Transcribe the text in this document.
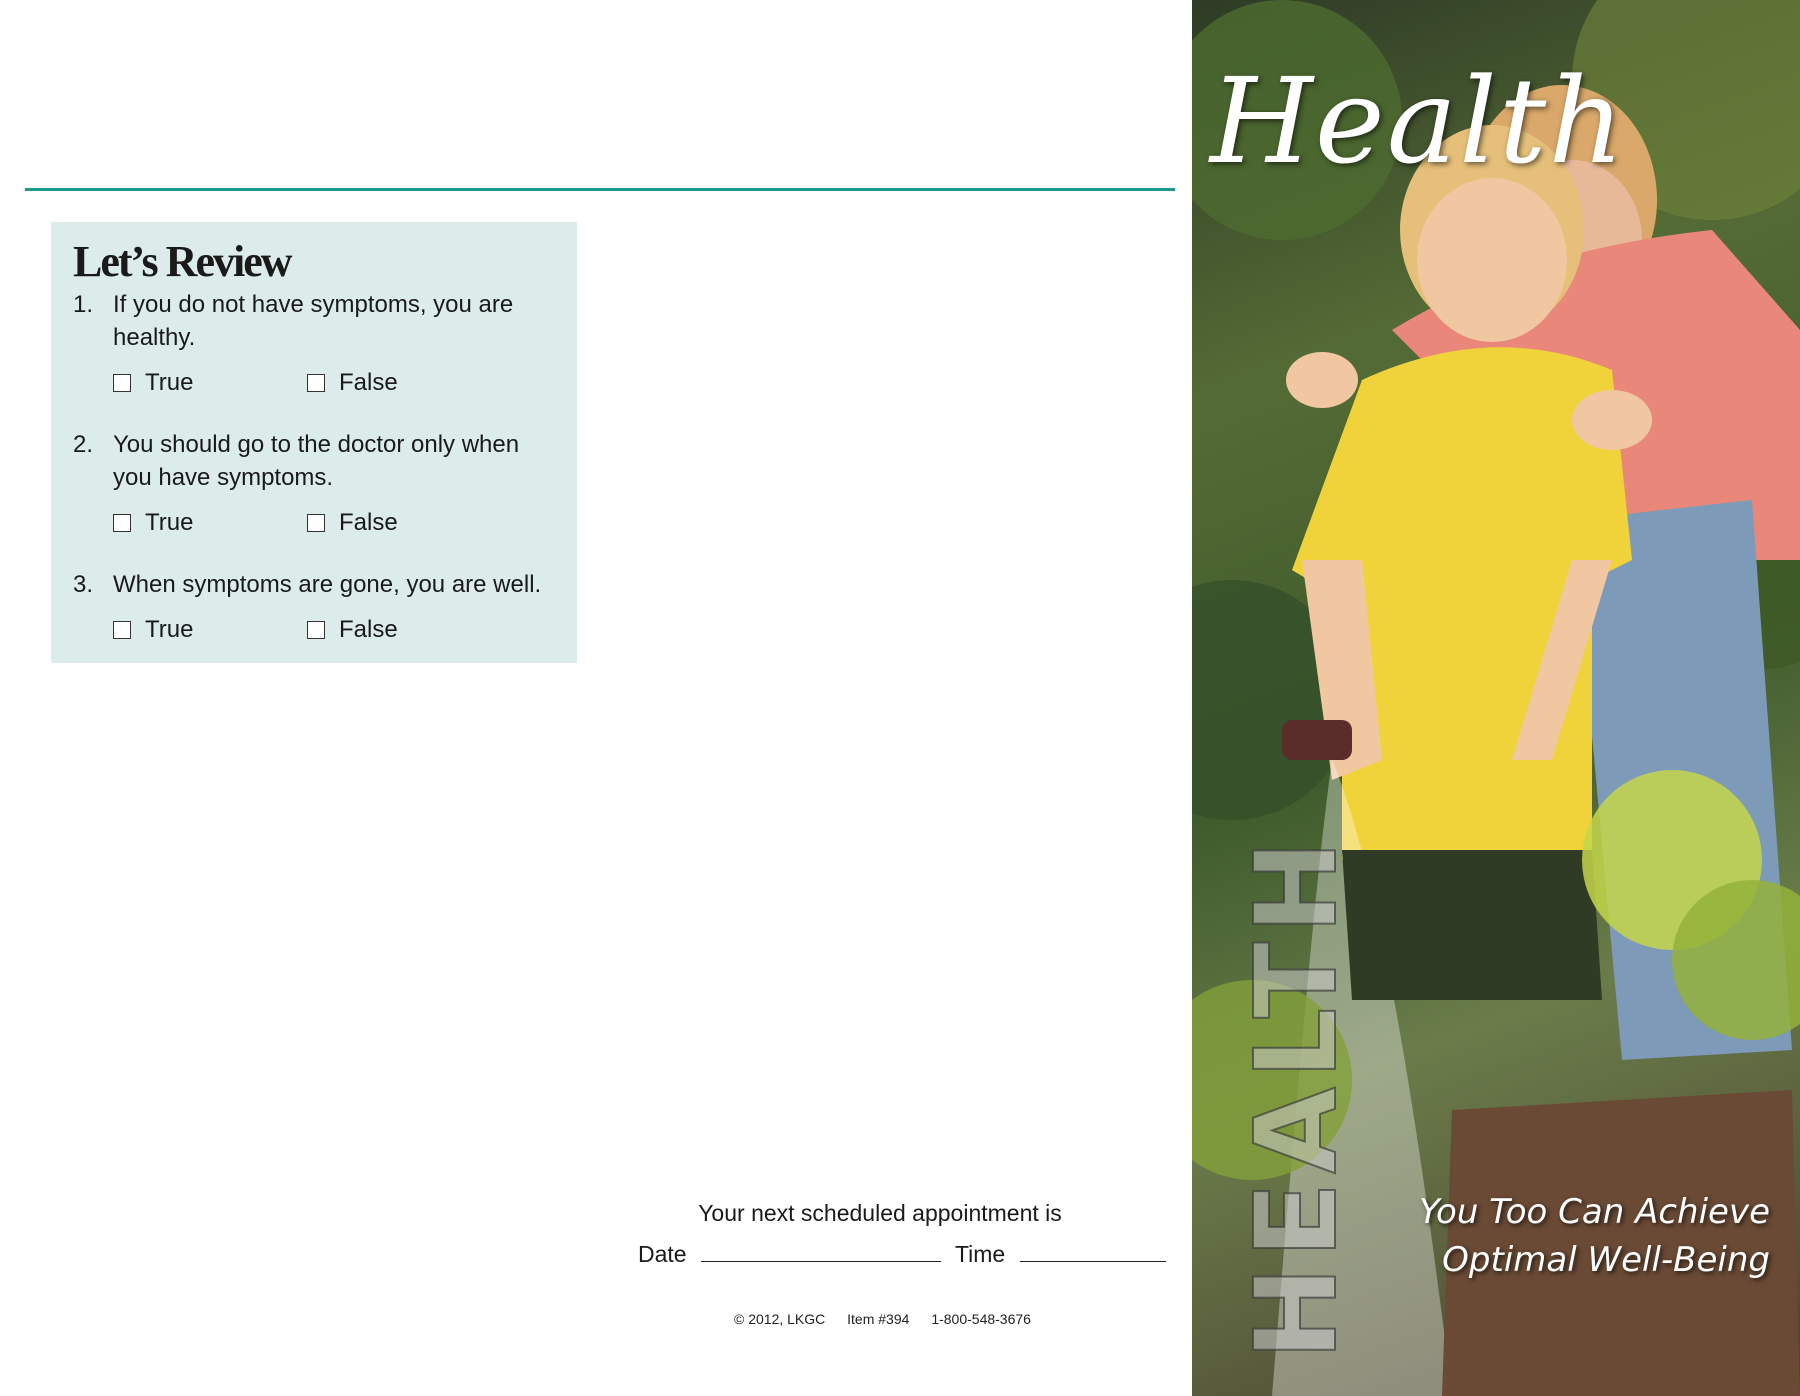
Let’s Review
1. If you do not have symptoms, you are healthy.
True	False
2. You should go to the doctor only when you have symptoms.
True	False
3. When symptoms are gone, you are well.
True	False
Your next scheduled appointment is
Date	Time
© 2012, LKGC Item #394 1-800-548-3676
Health
HEALTH You Too Can Achieve
Optimal Well-Being
